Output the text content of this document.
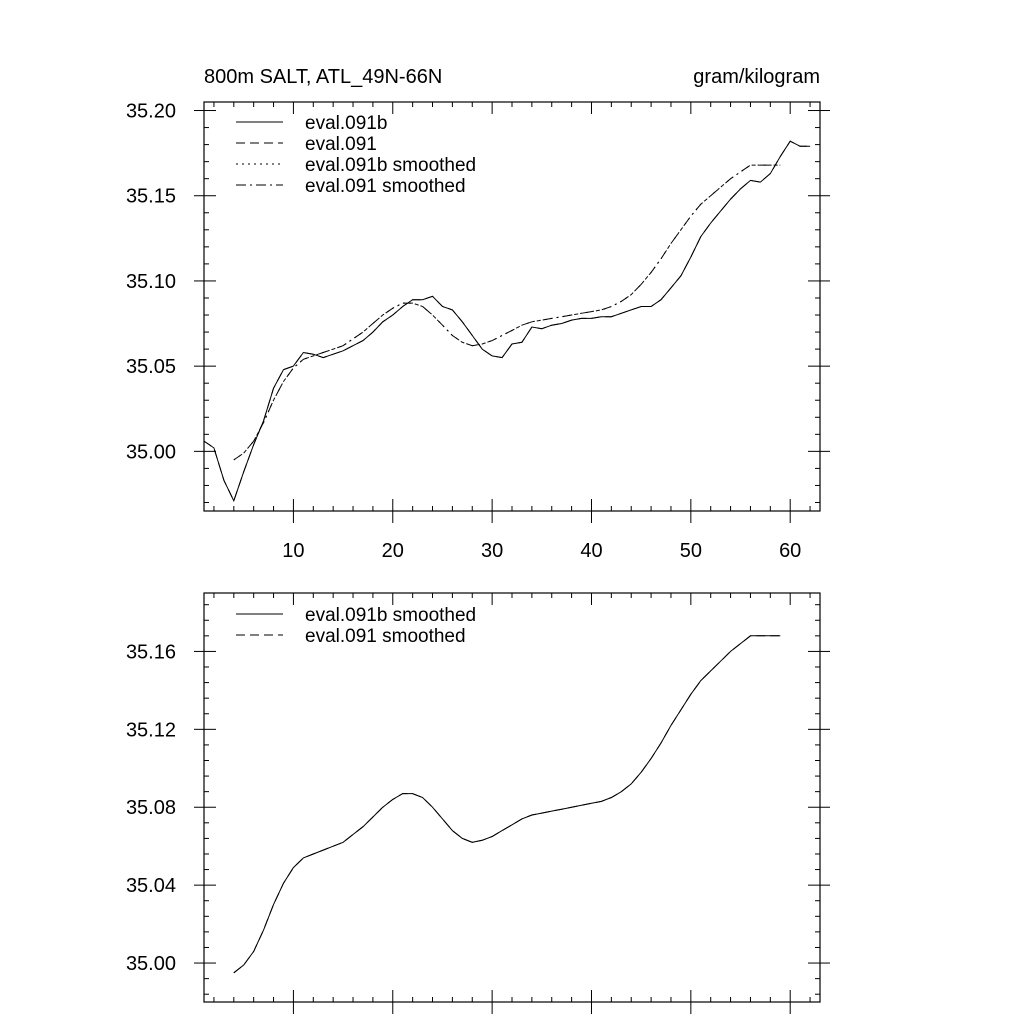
800m SALT, ATL_49N-66N	gram/kilogram
10	20	30	40	50	60
35.00
35.05
35.10
35.15
35.20
eval.091b
eval.091
eval.091b smoothed
eval.091 smoothed
35.00
35.04
35.08
35.12
35.16
eval.091b smoothed
eval.091 smoothed
